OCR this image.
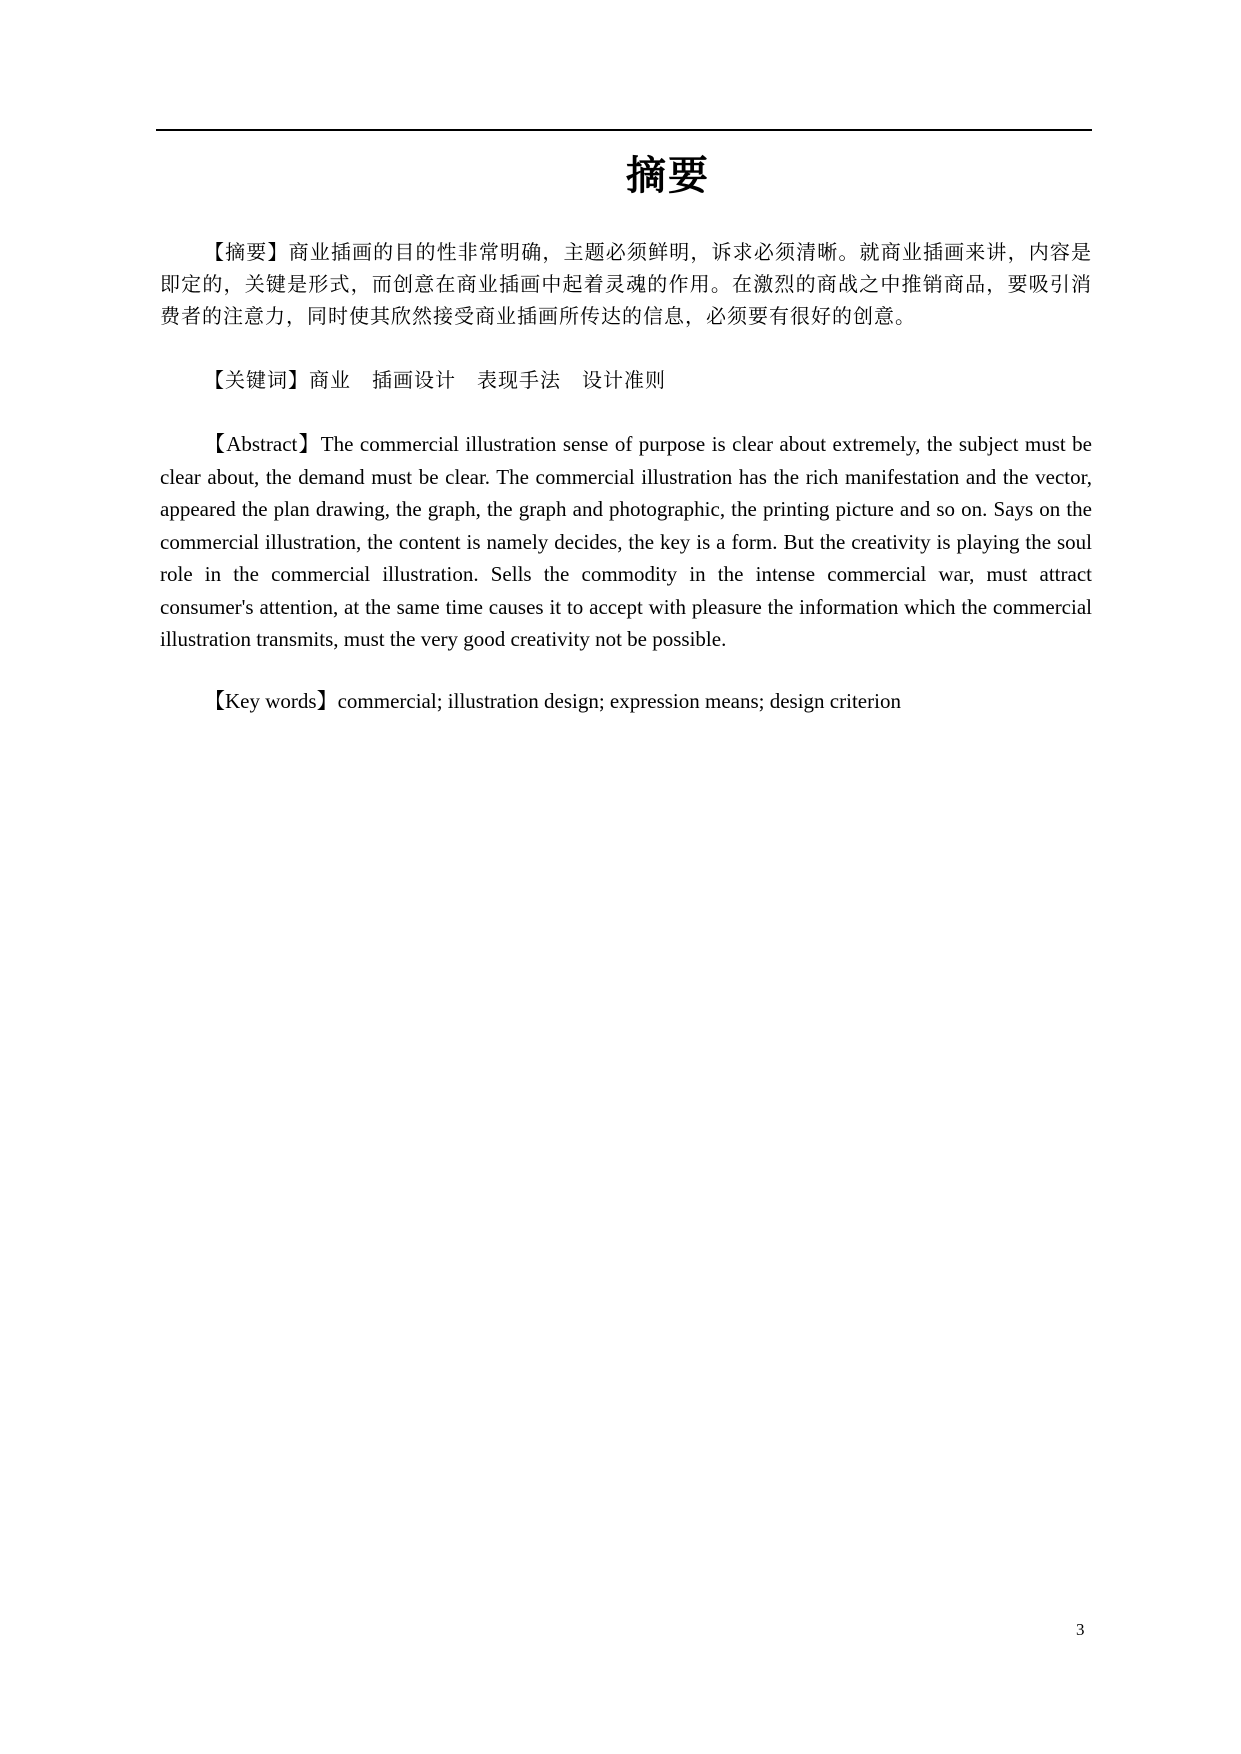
摘要

【摘要】商业插画的目的性非常明确，主题必须鲜明，诉求必须清晰。就商业插画来讲，内容是即定的，关键是形式，而创意在商业插画中起着灵魂的作用。在激烈的商战之中推销商品，要吸引消费者的注意力，同时使其欣然接受商业插画所传达的信息，必须要有很好的创意。

【关键词】商业　插画设计　表现手法　设计准则

【Abstract】The commercial illustration sense of purpose is clear about extremely, the subject must be clear about, the demand must be clear. The commercial illustration has the rich manifestation and the vector, appeared the plan drawing, the graph, the graph and photographic, the printing picture and so on. Says on the commercial illustration, the content is namely decides, the key is a form. But the creativity is playing the soul role in the commercial illustration. Sells the commodity in the intense commercial war, must attract consumer's attention, at the same time causes it to accept with pleasure the information which the commercial illustration transmits, must the very good creativity not be possible.

【Key words】commercial; illustration design; expression means; design criterion

3
